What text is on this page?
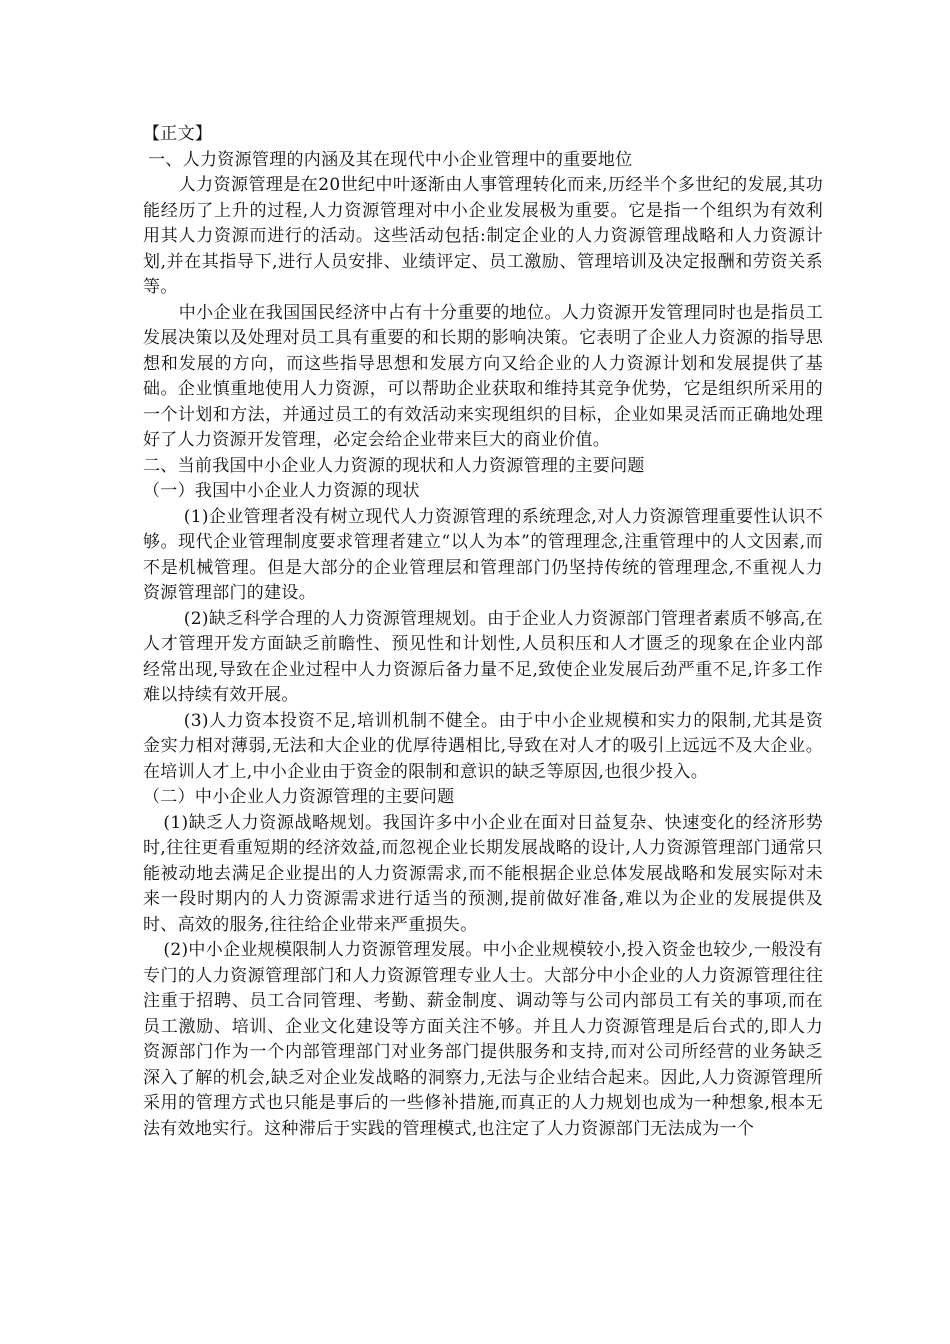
【正文】

一、人力资源管理的内涵及其在现代中小企业管理中的重要地位

人力资源管理是在20世纪中叶逐渐由人事管理转化而来,历经半个多世纪的发展,其功能经历了上升的过程,人力资源管理对中小企业发展极为重要。它是指一个组织为有效利用其人力资源而进行的活动。这些活动包括:制定企业的人力资源管理战略和人力资源计划,并在其指导下,进行人员安排、业绩评定、员工激励、管理培训及决定报酬和劳资关系等。

中小企业在我国国民经济中占有十分重要的地位。人力资源开发管理同时也是指员工发展决策以及处理对员工具有重要的和长期的影响决策。它表明了企业人力资源的指导思想和发展的方向，而这些指导思想和发展方向又给企业的人力资源计划和发展提供了基础。企业慎重地使用人力资源，可以帮助企业获取和维持其竞争优势，它是组织所采用的一个计划和方法，并通过员工的有效活动来实现组织的目标，企业如果灵活而正确地处理好了人力资源开发管理，必定会给企业带来巨大的商业价值。

二、当前我国中小企业人力资源的现状和人力资源管理的主要问题

（一）我国中小企业人力资源的现状

(1)企业管理者没有树立现代人力资源管理的系统理念,对人力资源管理重要性认识不够。现代企业管理制度要求管理者建立“以人为本”的管理理念,注重管理中的人文因素,而不是机械管理。但是大部分的企业管理层和管理部门仍坚持传统的管理理念,不重视人力资源管理部门的建设。

(2)缺乏科学合理的人力资源管理规划。由于企业人力资源部门管理者素质不够高,在人才管理开发方面缺乏前瞻性、预见性和计划性,人员积压和人才匮乏的现象在企业内部经常出现,导致在企业过程中人力资源后备力量不足,致使企业发展后劲严重不足,许多工作难以持续有效开展。

(3)人力资本投资不足,培训机制不健全。由于中小企业规模和实力的限制,尤其是资金实力相对薄弱,无法和大企业的优厚待遇相比,导致在对人才的吸引上远远不及大企业。在培训人才上,中小企业由于资金的限制和意识的缺乏等原因,也很少投入。

（二）中小企业人力资源管理的主要问题

(1)缺乏人力资源战略规划。我国许多中小企业在面对日益复杂、快速变化的经济形势时,往往更看重短期的经济效益,而忽视企业长期发展战略的设计,人力资源管理部门通常只能被动地去满足企业提出的人力资源需求,而不能根据企业总体发展战略和发展实际对未来一段时期内的人力资源需求进行适当的预测,提前做好准备,难以为企业的发展提供及时、高效的服务,往往给企业带来严重损失。

(2)中小企业规模限制人力资源管理发展。中小企业规模较小,投入资金也较少,一般没有专门的人力资源管理部门和人力资源管理专业人士。大部分中小企业的人力资源管理往往注重于招聘、员工合同管理、考勤、薪金制度、调动等与公司内部员工有关的事项,而在员工激励、培训、企业文化建设等方面关注不够。并且人力资源管理是后台式的,即人力资源部门作为一个内部管理部门对业务部门提供服务和支持,而对公司所经营的业务缺乏深入了解的机会,缺乏对企业发战略的洞察力,无法与企业结合起来。因此,人力资源管理所采用的管理方式也只能是事后的一些修补措施,而真正的人力规划也成为一种想象,根本无法有效地实行。这种滞后于实践的管理模式,也注定了人力资源部门无法成为一个
